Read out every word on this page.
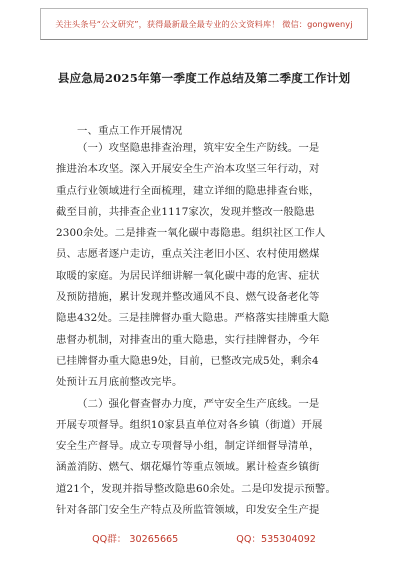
关注头条号“公文研究”，获得最新最全最专业的公文资料库！ 微信：gongwenyj
县应急局2025年第一季度工作总结及第二季度工作计划
一、重点工作开展情况
（一）攻坚隐患排查治理，筑牢安全生产防线。一是
推进治本攻坚。深入开展安全生产治本攻坚三年行动，对
重点行业领域进行全面梳理，建立详细的隐患排查台账，
截至目前，共排查企业1117家次，发现并整改一般隐患
2300余处。二是排查一氧化碳中毒隐患。组织社区工作人
员、志愿者逐户走访，重点关注老旧小区、农村使用燃煤
取暖的家庭。为居民详细讲解一氧化碳中毒的危害、症状
及预防措施，累计发现并整改通风不良、燃气设备老化等
隐患432处。三是挂牌督办重大隐患。严格落实挂牌重大隐
患督办机制，对排查出的重大隐患，实行挂牌督办，今年
已挂牌督办重大隐患9处，目前，已整改完成5处，剩余4
处预计五月底前整改完毕。
（二）强化督查督办力度，严守安全生产底线。一是
开展专项督导。组织10家县直单位对各乡镇（街道）开展
安全生产督导。成立专项督导小组，制定详细督导清单，
涵盖消防、燃气、烟花爆竹等重点领域。累计检查乡镇街
道21个，发现并指导整改隐患60余处。二是印发提示预警。
针对各部门安全生产特点及所监管领域，印发安全生产提
QQ群： 30265665	QQ：535304092
